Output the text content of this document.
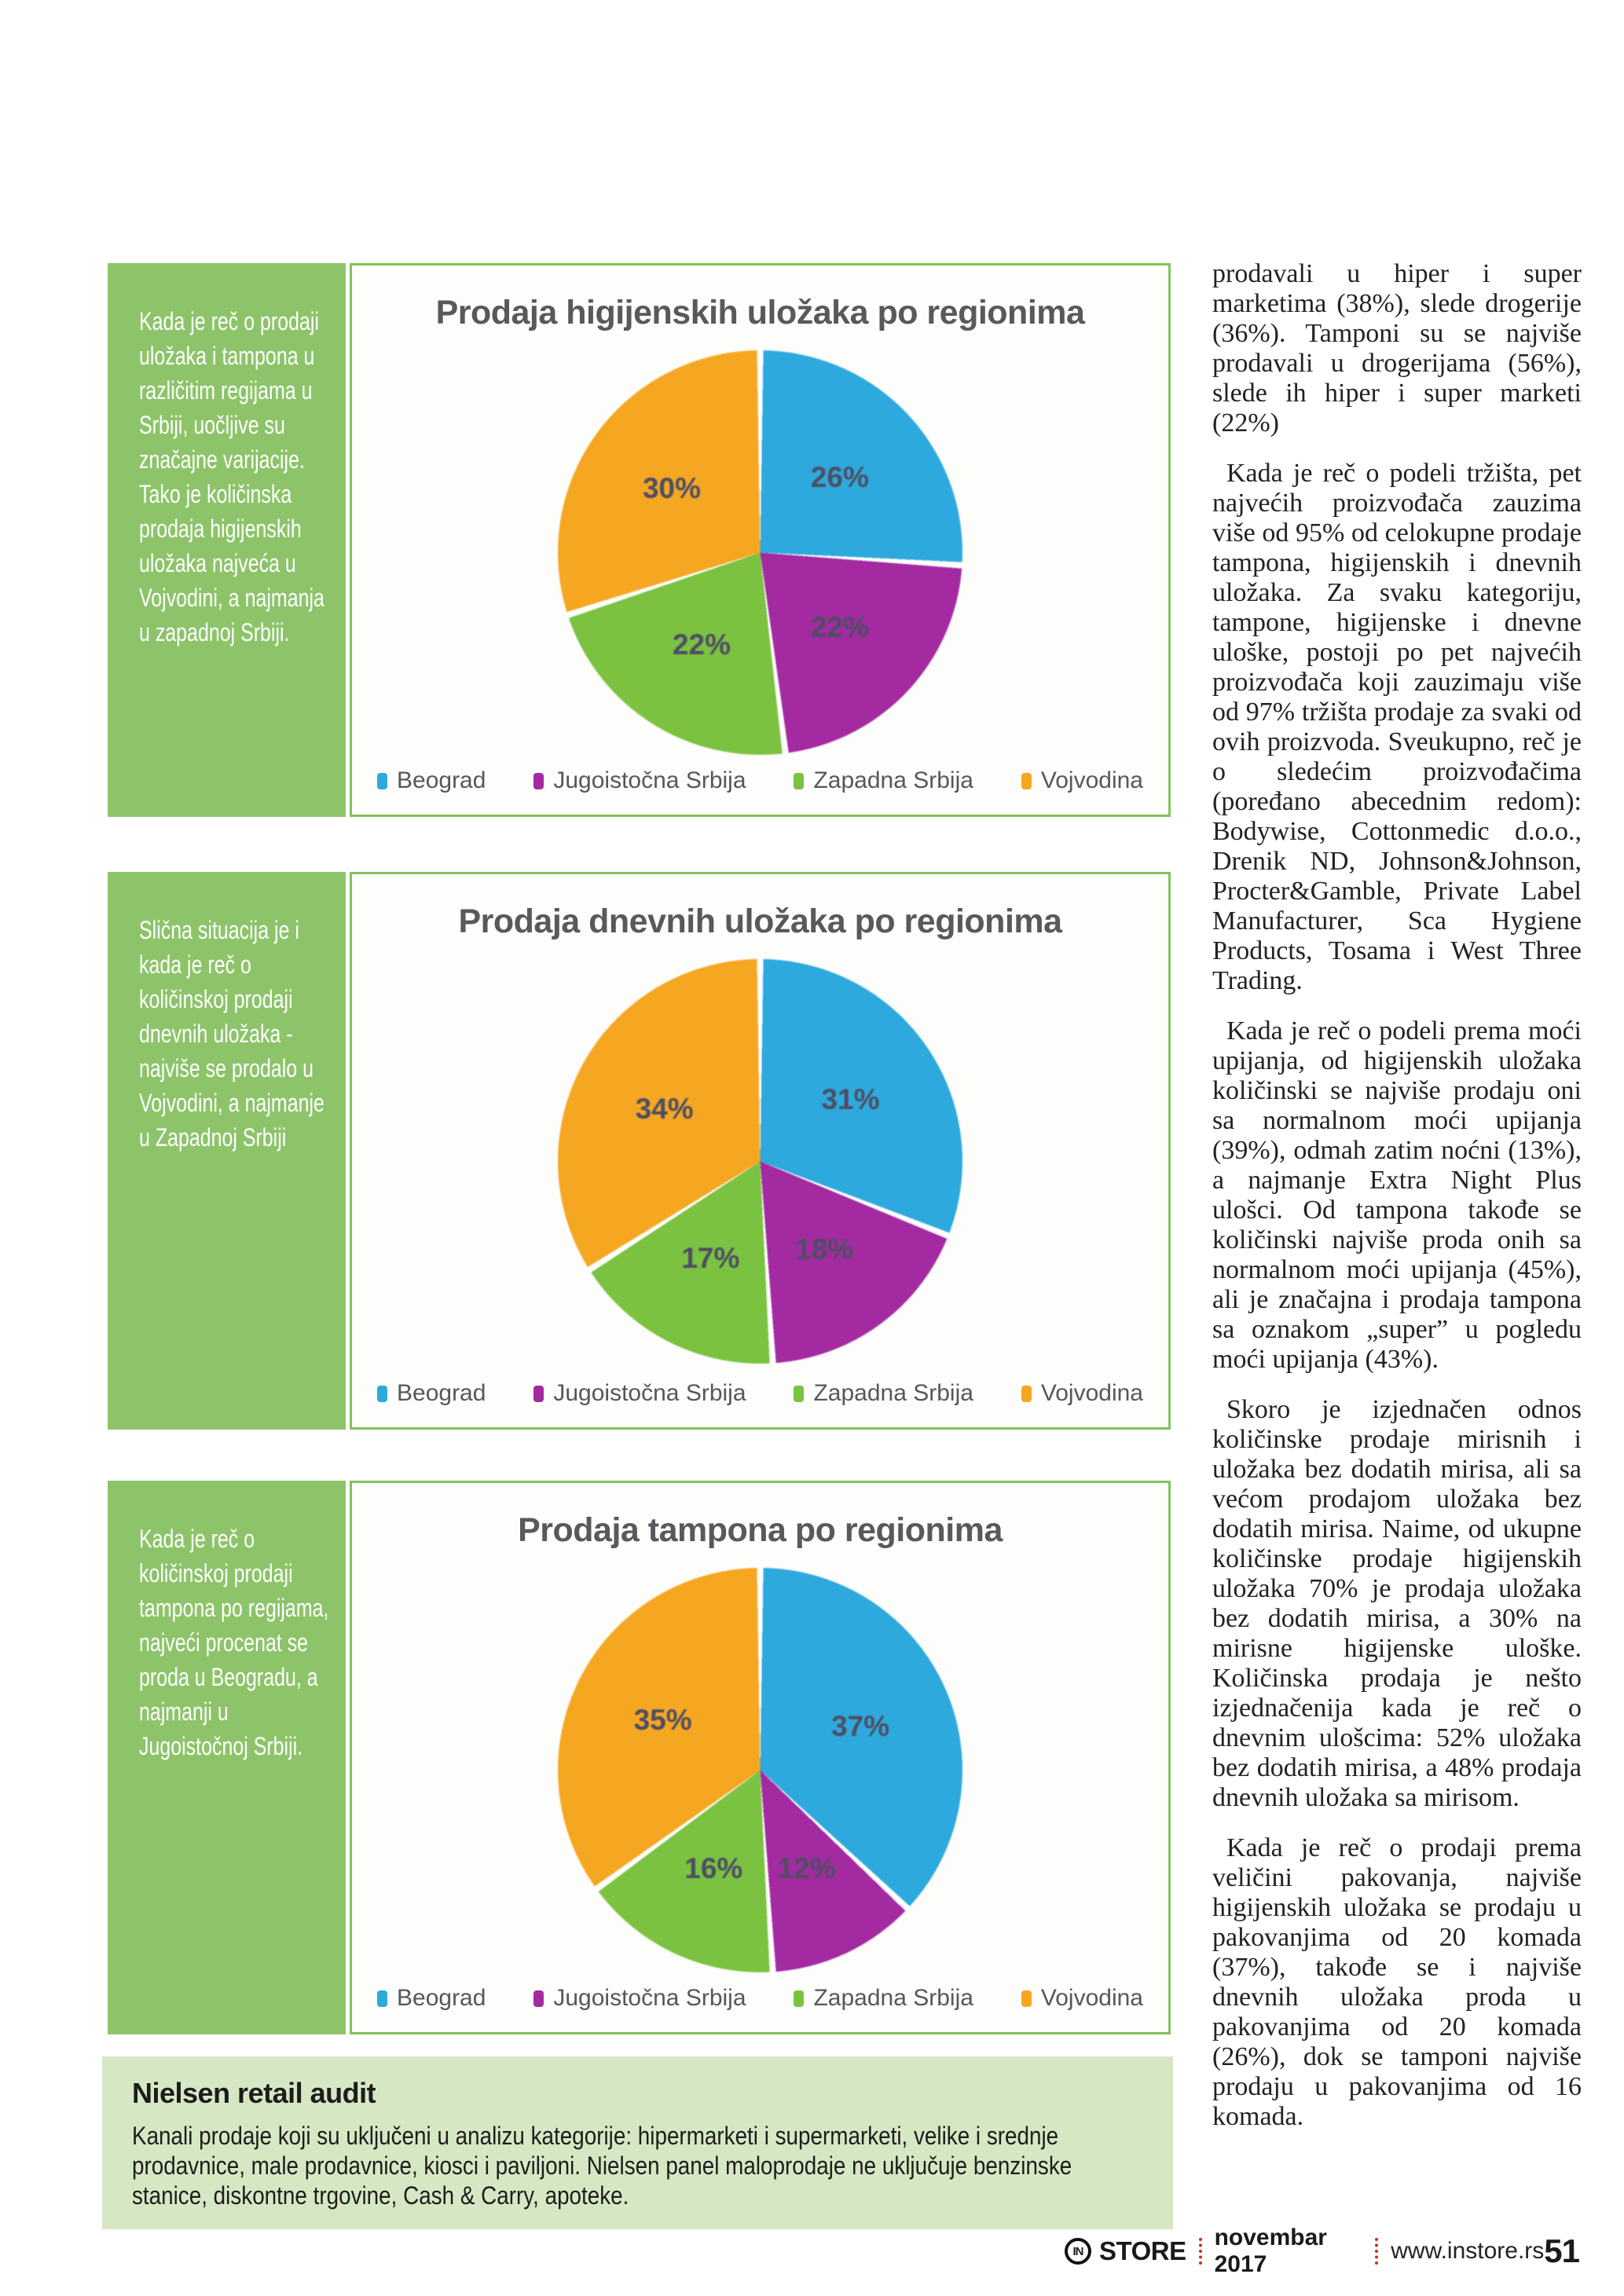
Kada je reč o prodaji uložaka i tampona u različitim regijama u Srbiji, uočljive su značajne varijacije. Tako je količinska prodaja higijenskih uložaka najveća u Vojvodini, a najmanja u zapadnoj Srbiji.
Slična situacija je i kada je reč o količinskoj prodaji dnevnih uložaka - najviše se prodalo u Vojvodini, a najmanje u Zapadnoj Srbiji
Kada je reč o količinskoj prodaji tampona po regijama, najveći procenat se proda u Beogradu, a najmanji u Jugoistočnoj Srbiji.
Prodaja higijenskih uložaka po regionima
26%
22%
22%
30%
Beograd	Jugoistočna Srbija	Zapadna Srbija	Vojvodina
Prodaja dnevnih uložaka po regionima
31%
18%
17%
34%
Beograd	Jugoistočna Srbija	Zapadna Srbija	Vojvodina
Prodaja tampona po regionima
37%
12%
16%
35%
Beograd	Jugoistočna Srbija	Zapadna Srbija	Vojvodina

prodavali u hiper i super marketima (38%), slede drogerije (36%). Tamponi su se najviše prodavali u drogerijama (56%), slede ih hiper i super marketi (22%)

Kada je reč o podeli tržišta, pet najvećih proizvođača zauzima više od 95% od celokupne prodaje tampona, higijenskih i dnevnih uložaka. Za svaku kategoriju, tampone, higijenske i dnevne uloške, postoji po pet najvećih proizvođača koji zauzimaju više od 97% tržišta prodaje za svaki od ovih proizvoda. Sveukupno, reč je o sledećim proizvođačima (poređano abecednim redom): Bodywise, Cottonmedic d.o.o., Drenik ND, Johnson&Johnson, Procter&Gamble, Private Label Manufacturer, Sca Hygiene Products, Tosama i West Three Trading.

Kada je reč o podeli prema moći upijanja, od higijenskih uložaka količinski se najviše prodaju oni sa normalnom moći upijanja (39%), odmah zatim noćni (13%), a najmanje Extra Night Plus ulošci. Od tampona takođe se količinski najviše proda onih sa normalnom moći upijanja (45%), ali je značajna i prodaja tampona sa oznakom „super” u pogledu moći upijanja (43%).

Skoro je izjednačen odnos količinske prodaje mirisnih i uložaka bez dodatih mirisa, ali sa većom prodajom uložaka bez dodatih mirisa. Naime, od ukupne količinske prodaje higijenskih uložaka 70% je prodaja uložaka bez dodatih mirisa, a 30% na mirisne higijenske uloške. Količinska prodaja je nešto izjednačenija kada je reč o dnevnim ulošcima: 52% uložaka bez dodatih mirisa, a 48% prodaja dnevnih uložaka sa mirisom.

Kada je reč o prodaji prema veličini pakovanja, najviše higijenskih uložaka se prodaju u pakovanjima od 20 komada (37%), takođe se i najviše dnevnih uložaka proda u pakovanjima od 20 komada (26%), dok se tamponi najviše prodaju u pakovanjima od 16 komada.

Nielsen retail audit
Kanali prodaje koji su uključeni u analizu kategorije: hipermarketi i supermarketi, velike i srednje prodavnice, male prodavnice, kiosci i paviljoni. Nielsen panel maloprodaje ne uključuje benzinske stanice, diskontne trgovine, Cash & Carry, apoteke.
IN STORE novembar 2017
www.instore.rs 51
